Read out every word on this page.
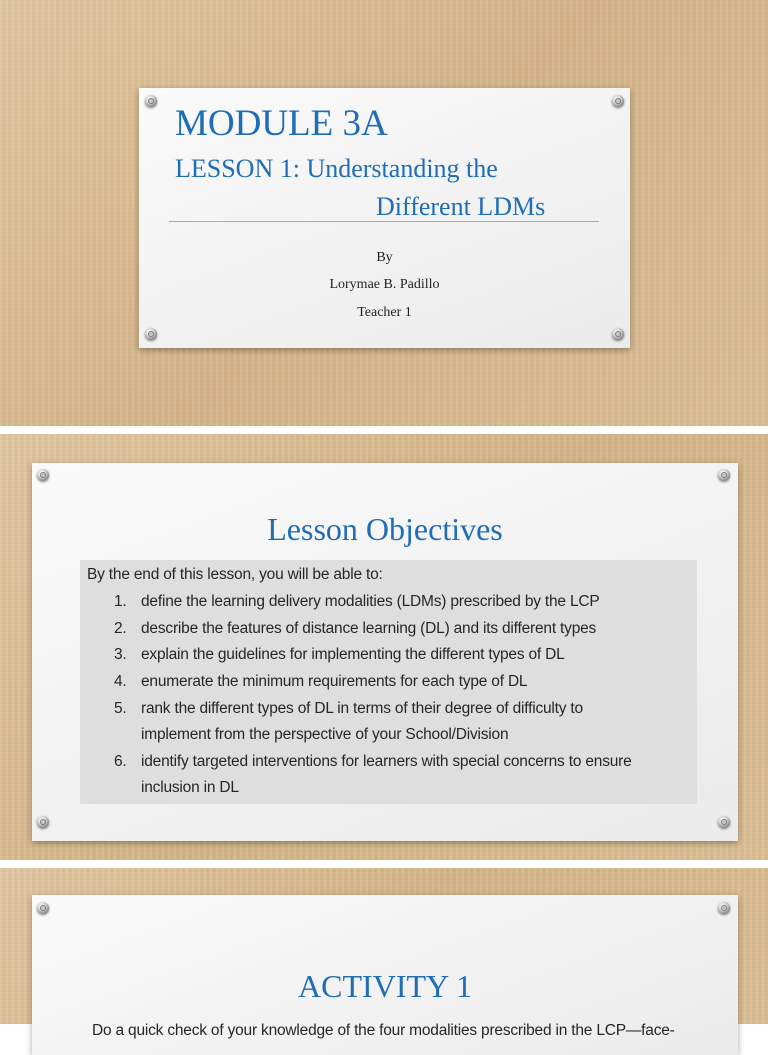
MODULE 3A
LESSON 1: Understanding the
Different LDMs
By
Lorymae B. Padillo
Teacher 1
Lesson Objectives
By the end of this lesson, you will be able to:
1. define the learning delivery modalities (LDMs) prescribed by the LCP
2. describe the features of distance learning (DL) and its different types
3. explain the guidelines for implementing the different types of DL
4. enumerate the minimum requirements for each type of DL
5. rank the different types of DL in terms of their degree of difficulty to
implement from the perspective of your School/Division
6. identify targeted interventions for learners with special concerns to ensure
inclusion in DL
ACTIVITY 1
Do a quick check of your knowledge of the four modalities prescribed in the LCP—face-
